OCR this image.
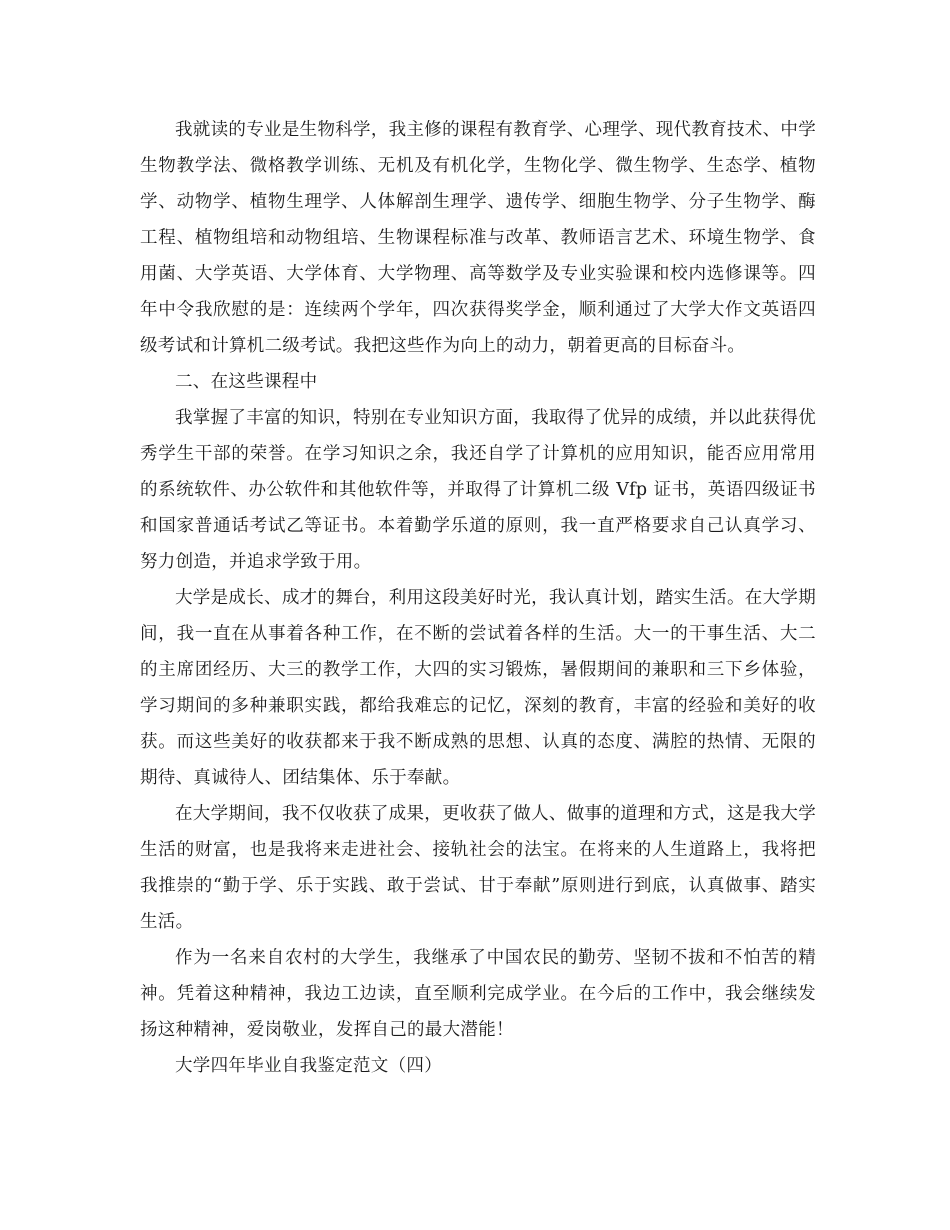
我就读的专业是生物科学，我主修的课程有教育学、心理学、现代教育技术、中学生物教学法、微格教学训练、无机及有机化学，生物化学、微生物学、生态学、植物学、动物学、植物生理学、人体解剖生理学、遗传学、细胞生物学、分子生物学、酶工程、植物组培和动物组培、生物课程标准与改革、教师语言艺术、环境生物学、食用菌、大学英语、大学体育、大学物理、高等数学及专业实验课和校内选修课等。四年中令我欣慰的是：连续两个学年，四次获得奖学金，顺利通过了大学大作文英语四级考试和计算机二级考试。我把这些作为向上的动力，朝着更高的目标奋斗。

二、在这些课程中

我掌握了丰富的知识，特别在专业知识方面，我取得了优异的成绩，并以此获得优秀学生干部的荣誉。在学习知识之余，我还自学了计算机的应用知识，能否应用常用的系统软件、办公软件和其他软件等，并取得了计算机二级 Vfp 证书，英语四级证书和国家普通话考试乙等证书。本着勤学乐道的原则，我一直严格要求自己认真学习、努力创造，并追求学致于用。

大学是成长、成才的舞台，利用这段美好时光，我认真计划，踏实生活。在大学期间，我一直在从事着各种工作，在不断的尝试着各样的生活。大一的干事生活、大二的主席团经历、大三的教学工作，大四的实习锻炼，暑假期间的兼职和三下乡体验，学习期间的多种兼职实践，都给我难忘的记忆，深刻的教育，丰富的经验和美好的收获。而这些美好的收获都来于我不断成熟的思想、认真的态度、满腔的热情、无限的期待、真诚待人、团结集体、乐于奉献。

在大学期间，我不仅收获了成果，更收获了做人、做事的道理和方式，这是我大学生活的财富，也是我将来走进社会、接轨社会的法宝。在将来的人生道路上，我将把我推崇的“勤于学、乐于实践、敢于尝试、甘于奉献”原则进行到底，认真做事、踏实生活。

作为一名来自农村的大学生，我继承了中国农民的勤劳、坚韧不拔和不怕苦的精神。凭着这种精神，我边工边读，直至顺利完成学业。在今后的工作中，我会继续发扬这种精神，爱岗敬业，发挥自己的最大潜能！

大学四年毕业自我鉴定范文（四）
